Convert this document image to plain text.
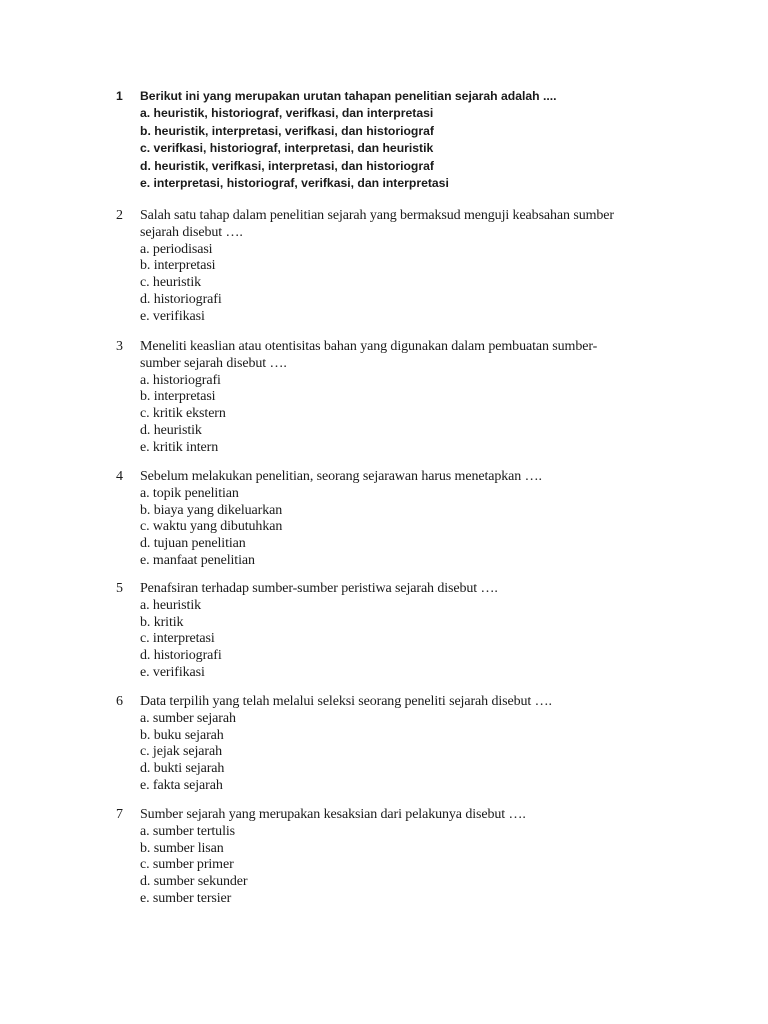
1	Berikut ini yang merupakan urutan tahapan penelitian sejarah adalah ....
a. heuristik, historiograf, verifkasi, dan interpretasi
b. heuristik, interpretasi, verifkasi, dan historiograf
c. verifkasi, historiograf, interpretasi, dan heuristik
d. heuristik, verifkasi, interpretasi, dan historiograf
e. interpretasi, historiograf, verifkasi, dan interpretasi
2	Salah satu tahap dalam penelitian sejarah yang bermaksud menguji keabsahan sumber
sejarah disebut ….
a. periodisasi
b. interpretasi
c. heuristik
d. historiografi
e. verifikasi
3	Meneliti keaslian atau otentisitas bahan yang digunakan dalam pembuatan sumber-
sumber sejarah disebut ….
a. historiografi
b. interpretasi
c. kritik ekstern
d. heuristik
e. kritik intern
4	Sebelum melakukan penelitian, seorang sejarawan harus menetapkan ….
a. topik penelitian
b. biaya yang dikeluarkan
c. waktu yang dibutuhkan
d. tujuan penelitian
e. manfaat penelitian
5	Penafsiran terhadap sumber-sumber peristiwa sejarah disebut ….
a. heuristik
b. kritik
c. interpretasi
d. historiografi
e. verifikasi
6	Data terpilih yang telah melalui seleksi seorang peneliti sejarah disebut ….
a. sumber sejarah
b. buku sejarah
c. jejak sejarah
d. bukti sejarah
e. fakta sejarah
7	Sumber sejarah yang merupakan kesaksian dari pelakunya disebut ….
a. sumber tertulis
b. sumber lisan
c. sumber primer
d. sumber sekunder
e. sumber tersier
